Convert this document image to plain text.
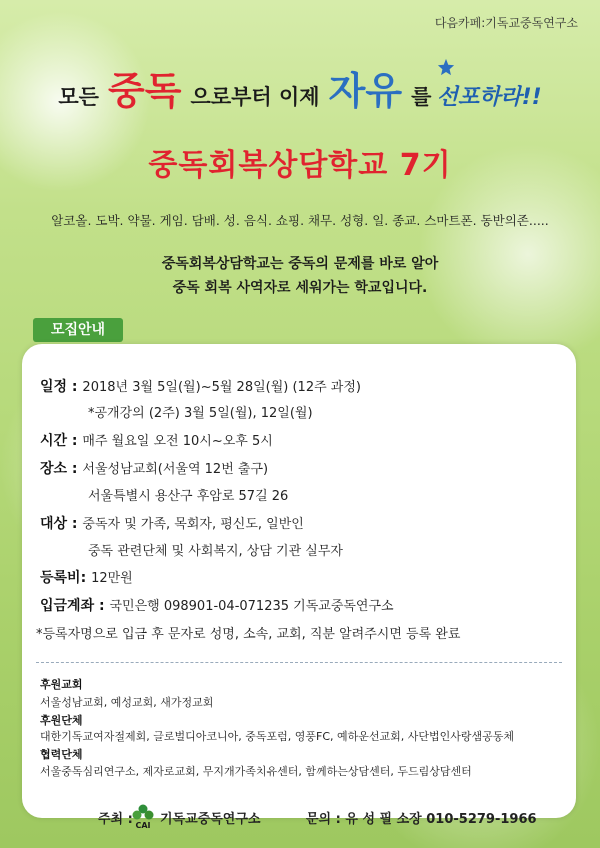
다음카페:기독교중독연구소
모든 중독 으로부터 이제 자유 를 선포하라!!
중독회복상담학교 7기
알코올. 도박. 약물. 게임. 담배. 성. 음식. 쇼핑. 채무. 성형. 일. 종교. 스마트폰. 동반의존.....
중독회복상담학교는 중독의 문제를 바로 알아
중독 회복 사역자로 세워가는 학교입니다.
모집안내
일정 : 2018년 3월 5일(월)~5월 28일(월) (12주 과정)
*공개강의 (2주) 3월 5일(월), 12일(월)
시간 : 매주 월요일 오전 10시~오후 5시
장소 : 서울성남교회(서울역 12번 출구)
서울특별시 용산구 후암로 57길 26
대상 : 중독자 및 가족, 목회자, 평신도, 일반인
중독 관련단체 및 사회복지, 상담 기관 실무자
등록비: 12만원
입금계좌 : 국민은행 098901-04-071235 기독교중독연구소
*등록자명으로 입금 후 문자로 성명, 소속, 교회, 직분 알려주시면 등록 완료
후원교회
서울성남교회, 예성교회, 새가정교회
후원단체
대한기독교여자절제회, 글로벌디아코니아, 중독포럼, 영풍FC, 예하운선교회, 사단법인사랑샘공동체
협력단체
서울중독심리연구소, 제자로교회, 무지개가족치유센터, 함께하는상담센터, 두드림상담센터
주최 : CAI 기독교중독연구소	문의 : 유 성 필 소장 010-5279-1966
